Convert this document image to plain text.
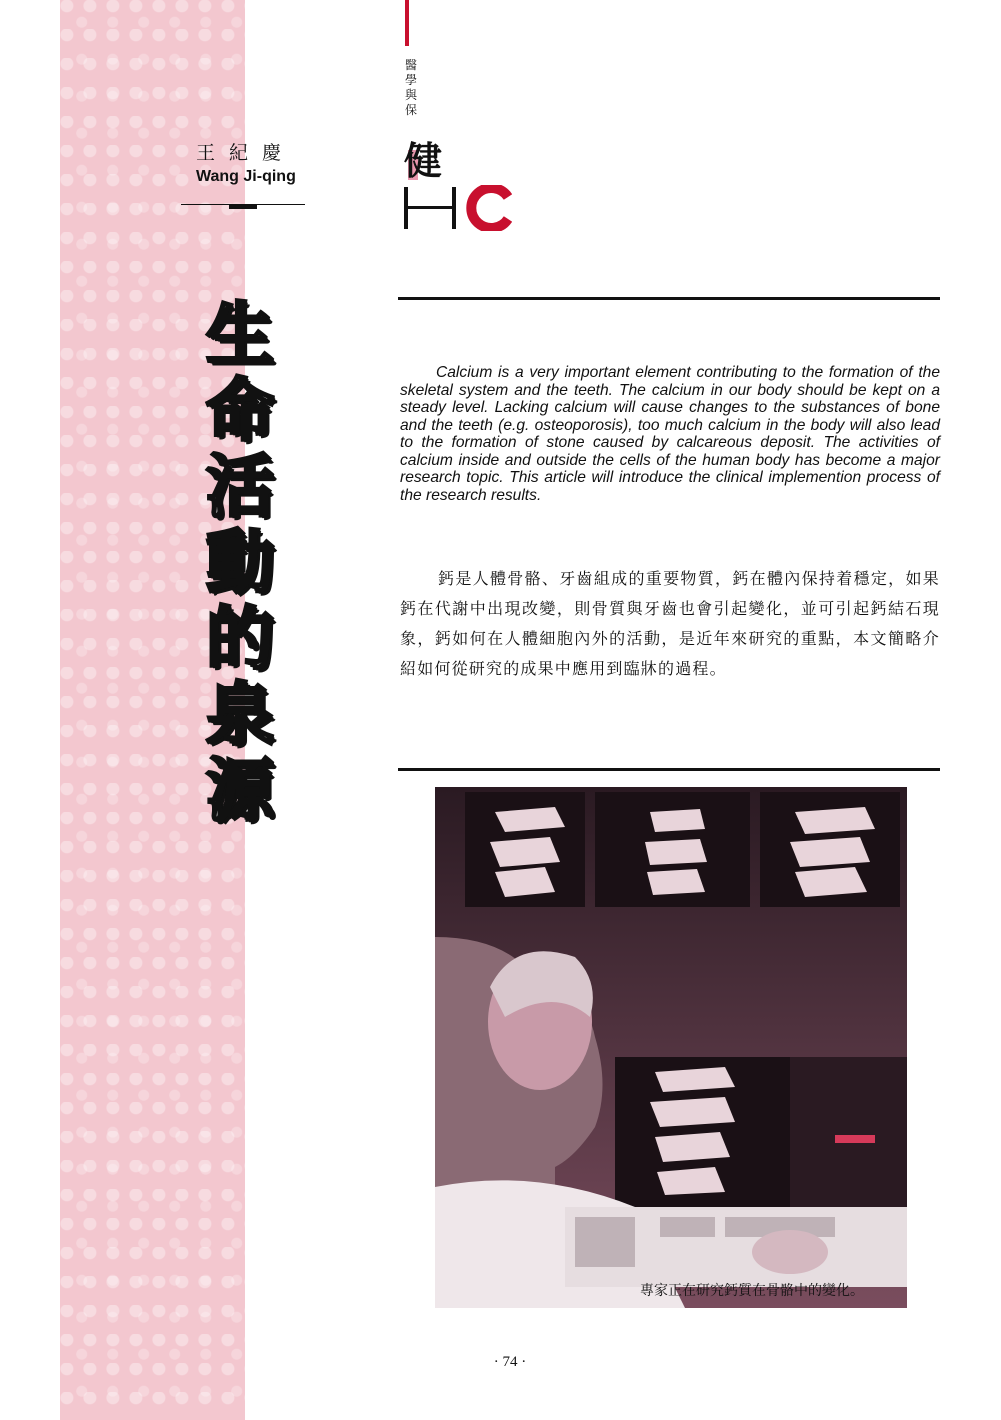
醫
學
與
保
健
王紀慶
Wang Ji-qing
生
命
活
動
的
泉
源

Calcium is a very important element contributing to the formation of the skeletal system and the teeth. The calcium in our body should be kept on a steady level. Lacking calcium will cause changes to the substances of bone and the teeth (e.g. osteoporosis), too much calcium in the body will also lead to the formation of stone caused by calcareous deposit. The activities of calcium inside and outside the cells of the human body has become a major research topic. This article will introduce the clinical implemention process of the research results.

鈣是人體骨骼、牙齒組成的重要物質，鈣在體內保持着穩定，如果鈣在代謝中出現改變，則骨質與牙齒也會引起變化，並可引起鈣結石現象，鈣如何在人體細胞內外的活動，是近年來研究的重點，本文簡略介紹如何從研究的成果中應用到臨牀的過程。

專家正在研究鈣質在骨骼中的變化。
· 74 ·
